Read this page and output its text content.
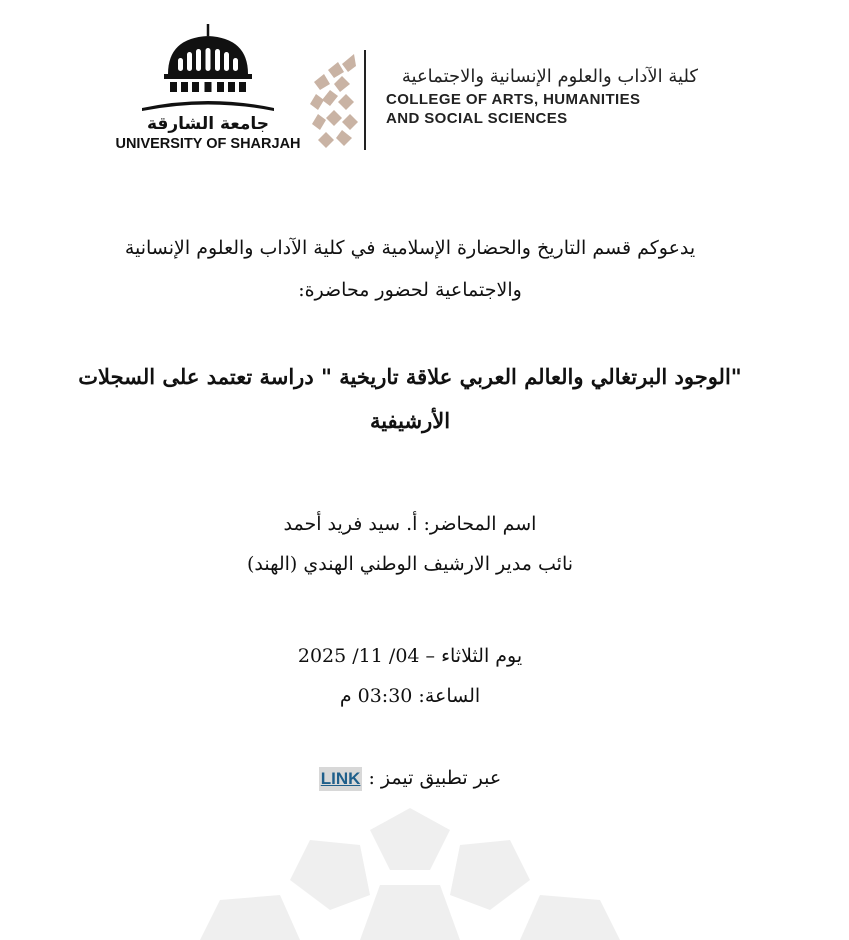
جامعة الشارقة
UNIVERSITY OF SHARJAH
كلية الآداب والعلوم الإنسانية والاجتماعية
COLLEGE OF ARTS, HUMANITIES
AND SOCIAL SCIENCES
يدعوكم قسم التاريخ والحضارة الإسلامية في كلية الآداب والعلوم الإنسانية
والاجتماعية لحضور محاضرة:
"الوجود البرتغالي والعالم العربي علاقة تاريخية " دراسة تعتمد على السجلات
الأرشيفية
اسم المحاضر: أ. سيد فريد أحمد
نائب مدير الارشيف الوطني الهندي (الهند)
يوم الثلاثاء – 04/ 11/ 2025
الساعة: 03:30 م
عبر تطبيق تيمز : LINK
